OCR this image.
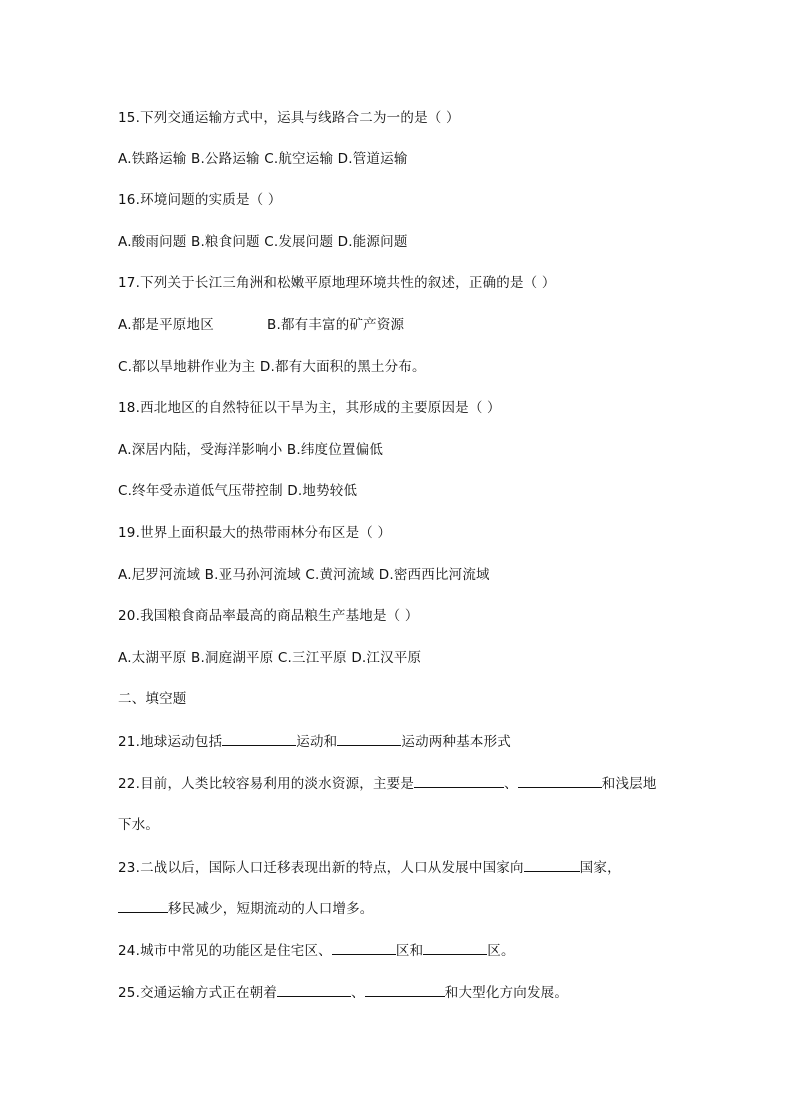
15.下列交通运输方式中，运具与线路合二为一的是（ ）
A.铁路运输 B.公路运输 C.航空运输 D.管道运输
16.环境问题的实质是（ ）
A.酸雨问题 B.粮食问题 C.发展问题 D.能源问题
17.下列关于长江三角洲和松嫩平原地理环境共性的叙述，正确的是（ ）
A.都是平原地区	B.都有丰富的矿产资源
C.都以旱地耕作业为主 D.都有大面积的黑土分布。
18.西北地区的自然特征以干旱为主，其形成的主要原因是（ ）
A.深居内陆，受海洋影响小 B.纬度位置偏低
C.终年受赤道低气压带控制 D.地势较低
19.世界上面积最大的热带雨林分布区是（ ）
A.尼罗河流域 B.亚马孙河流域 C.黄河流域 D.密西西比河流域
20.我国粮食商品率最高的商品粮生产基地是（ ）
A.太湖平原 B.洞庭湖平原 C.三江平原 D.江汉平原
二、填空题
21.地球运动包括	运动和	运动两种基本形式
22.目前，人类比较容易利用的淡水资源，主要是	、	和浅层地
下水。
23.二战以后，国际人口迁移表现出新的特点，人口从发展中国家向	国家，
移民减少，短期流动的人口增多。
24.城市中常见的功能区是住宅区、	区和	区。
25.交通运输方式正在朝着	、	和大型化方向发展。
